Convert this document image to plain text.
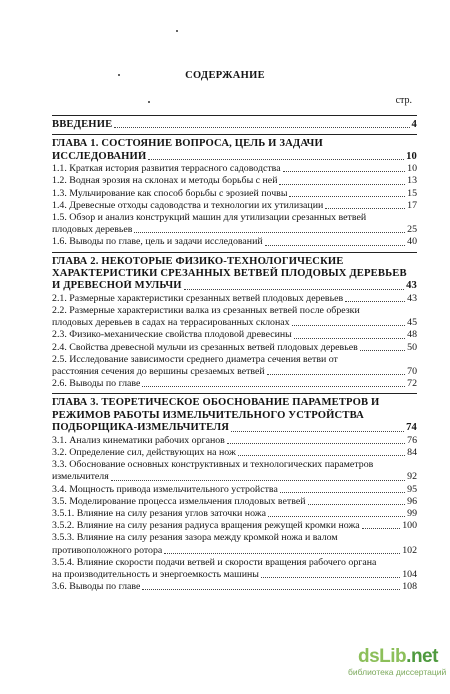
СОДЕРЖАНИЕ
стр.
ВВЕДЕНИЕ	4
ГЛАВА 1. СОСТОЯНИЕ ВОПРОСА, ЦЕЛЬ И ЗАДАЧИ
ИССЛЕДОВАНИЙ	10
1.1. Краткая история развития террасного садоводства	10
1.2. Водная эрозия на склонах и методы борьбы с ней	13
1.3. Мульчирование как способ борьбы с эрозией почвы	15
1.4. Древесные отходы садоводства и технологии их утилизации	17
1.5. Обзор и анализ конструкций машин для утилизации срезанных ветвей
плодовых деревьев	25
1.6. Выводы по главе, цель и задачи исследований	40
ГЛАВА 2. НЕКОТОРЫЕ ФИЗИКО-ТЕХНОЛОГИЧЕСКИЕ
ХАРАКТЕРИСТИКИ СРЕЗАННЫХ ВЕТВЕЙ ПЛОДОВЫХ ДЕРЕВЬЕВ
И ДРЕВЕСНОЙ МУЛЬЧИ	43
2.1. Размерные характеристики срезанных ветвей плодовых деревьев	43
2.2. Размерные характеристики валка из срезанных ветвей после обрезки
плодовых деревьев в садах на террасированных склонах	45
2.3. Физико-механические свойства плодовой древесины	48
2.4. Свойства древесной мульчи из срезанных ветвей плодовых деревьев	50
2.5. Исследование зависимости среднего диаметра сечения ветви от
расстояния сечения до вершины срезаемых ветвей	70
2.6. Выводы по главе	72
ГЛАВА 3. ТЕОРЕТИЧЕСКОЕ ОБОСНОВАНИЕ ПАРАМЕТРОВ И
РЕЖИМОВ РАБОТЫ ИЗМЕЛЬЧИТЕЛЬНОГО УСТРОЙСТВА
ПОДБОРЩИКА-ИЗМЕЛЬЧИТЕЛЯ	74
3.1. Анализ кинематики рабочих органов	76
3.2. Определение сил, действующих на нож	84
3.3. Обоснование основных конструктивных и технологических параметров
измельчителя	92
3.4. Мощность привода измельчительного устройства	95
3.5. Моделирование процесса измельчения плодовых ветвей	96
3.5.1. Влияние на силу резания углов заточки ножа	99
3.5.2. Влияние на силу резания радиуса вращения режущей кромки ножа	100
3.5.3. Влияние на силу резания зазора между кромкой ножа и валом
противоположного ротора	102
3.5.4. Влияние скорости подачи ветвей и скорости вращения рабочего органа
на производительность и энергоемкость машины	104
3.6. Выводы по главе	108
dsLib.net
библиотека диссертаций
